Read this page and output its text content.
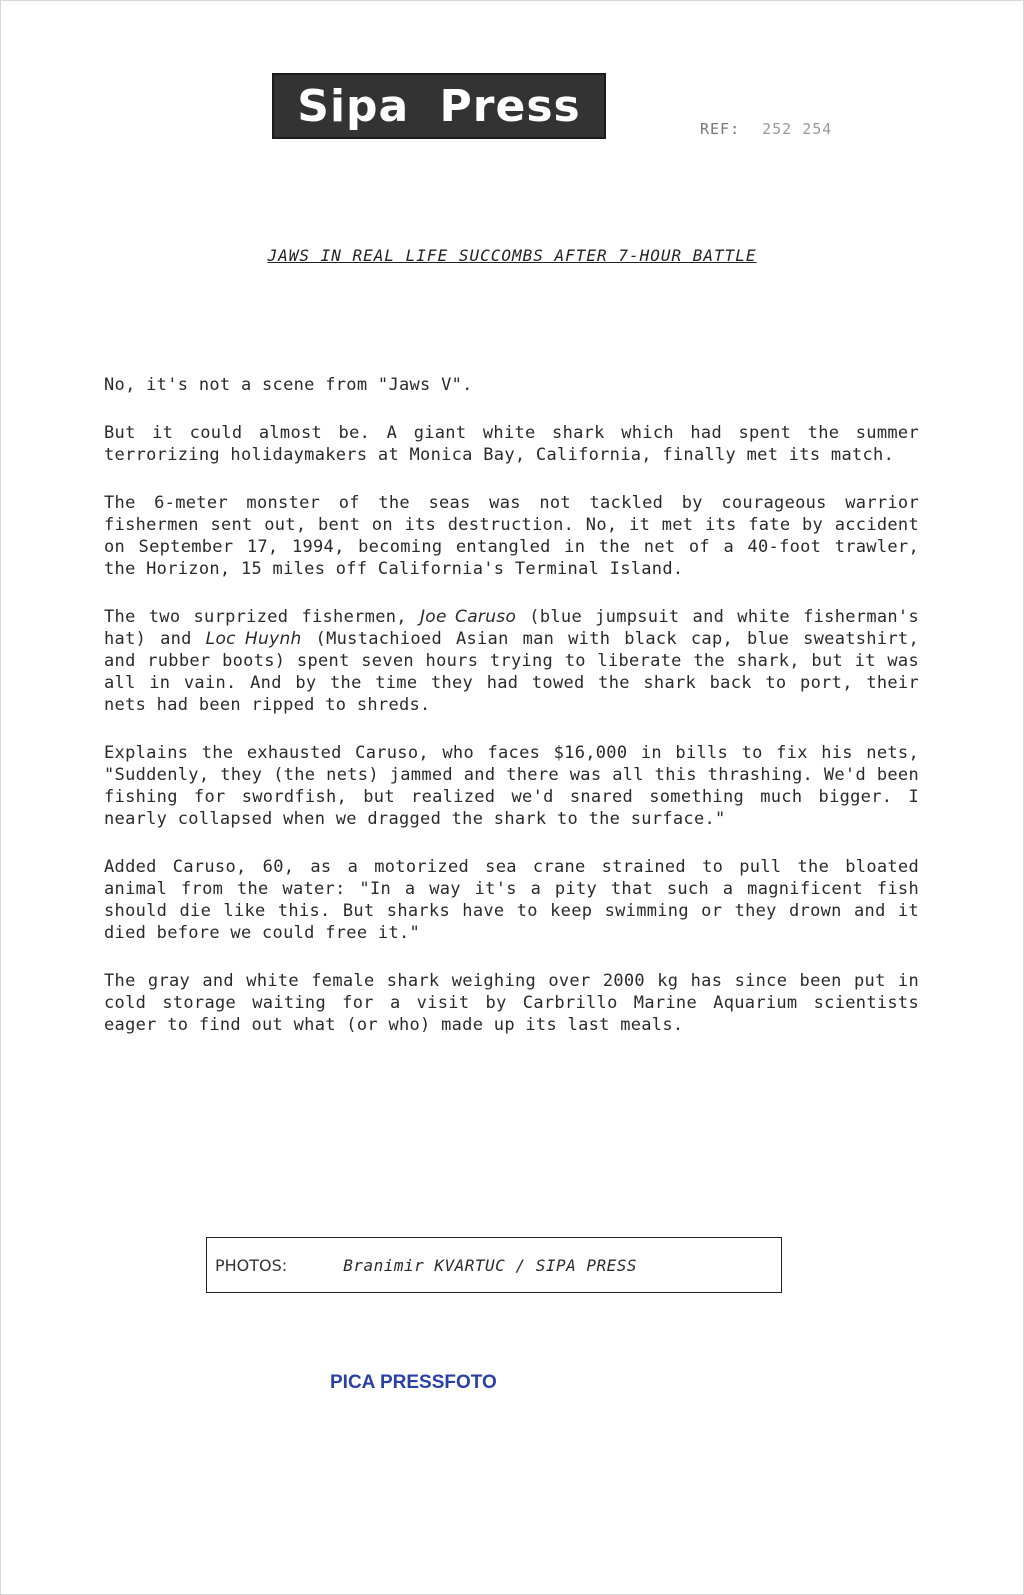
Sipa Press	REF: 252 254
JAWS IN REAL LIFE SUCCOMBS AFTER 7-HOUR BATTLE

No, it's not a scene from "Jaws V".

But it could almost be. A giant white shark which had spent the summer terrorizing holidaymakers at Monica Bay, California, finally met its match.

The 6-meter monster of the seas was not tackled by courageous warrior fishermen sent out, bent on its destruction. No, it met its fate by accident on September 17, 1994, becoming entangled in the net of a 40-foot trawler, the Horizon, 15 miles off California's Terminal Island.

The two surprized fishermen, Joe Caruso (blue jumpsuit and white fisherman's hat) and Loc Huynh (Mustachioed Asian man with black cap, blue sweatshirt, and rubber boots) spent seven hours trying to liberate the shark, but it was all in vain. And by the time they had towed the shark back to port, their nets had been ripped to shreds.

Explains the exhausted Caruso, who faces $16,000 in bills to fix his nets, "Suddenly, they (the nets) jammed and there was all this thrashing. We'd been fishing for swordfish, but realized we'd snared something much bigger. I nearly collapsed when we dragged the shark to the surface."

Added Caruso, 60, as a motorized sea crane strained to pull the bloated animal from the water: "In a way it's a pity that such a magnificent fish should die like this. But sharks have to keep swimming or they drown and it died before we could free it."

The gray and white female shark weighing over 2000 kg has since been put in cold storage waiting for a visit by Carbrillo Marine Aquarium scientists eager to find out what (or who) made up its last meals.

PHOTOS:	Branimir KVARTUC / SIPA PRESS
PICA PRESSFOTO
